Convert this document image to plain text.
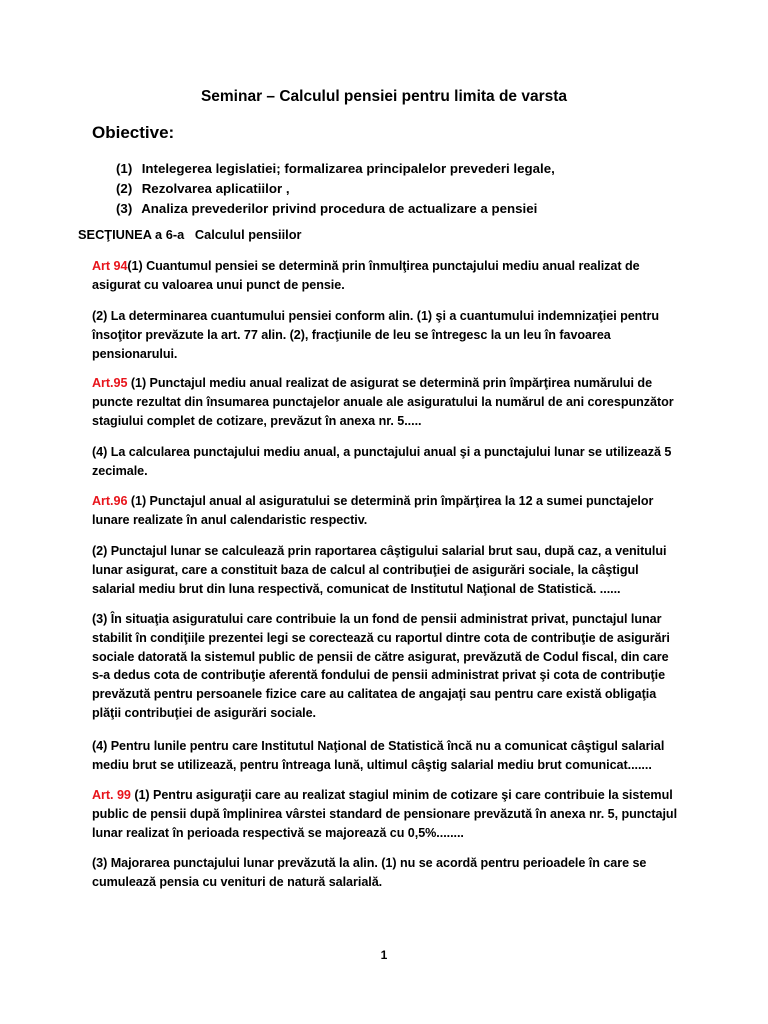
Seminar – Calculul pensiei pentru limita de varsta
Obiective:
(1) Intelegerea legislatiei; formalizarea principalelor prevederi legale,
(2) Rezolvarea aplicatiilor ,
(3) Analiza prevederilor privind procedura de actualizare a pensiei
SECŢIUNEA a 6-a   Calculul pensiilor

Art 94(1) Cuantumul pensiei se determină prin înmulţirea punctajului mediu anual realizat de asigurat cu valoarea unui punct de pensie.

(2) La determinarea cuantumului pensiei conform alin. (1) şi a cuantumului indemnizaţiei pentru însoţitor prevăzute la art. 77 alin. (2), fracţiunile de leu se întregesc la un leu în favoarea pensionarului.

Art.95 (1) Punctajul mediu anual realizat de asigurat se determină prin împărţirea numărului de puncte rezultat din însumarea punctajelor anuale ale asiguratului la numărul de ani corespunzător stagiului complet de cotizare, prevăzut în anexa nr. 5.....

(4) La calcularea punctajului mediu anual, a punctajului anual şi a punctajului lunar se utilizează 5 zecimale.

Art.96 (1) Punctajul anual al asiguratului se determină prin împărţirea la 12 a sumei punctajelor lunare realizate în anul calendaristic respectiv.

(2) Punctajul lunar se calculează prin raportarea câştigului salarial brut sau, după caz, a venitului lunar asigurat, care a constituit baza de calcul al contribuţiei de asigurări sociale, la câştigul salarial mediu brut din luna respectivă, comunicat de Institutul Naţional de Statistică. ......

(3) În situaţia asiguratului care contribuie la un fond de pensii administrat privat, punctajul lunar stabilit în condiţiile prezentei legi se corectează cu raportul dintre cota de contribuţie de asigurări sociale datorată la sistemul public de pensii de către asigurat, prevăzută de Codul fiscal, din care s-a dedus cota de contribuţie aferentă fondului de pensii administrat privat şi cota de contribuţie prevăzută pentru persoanele fizice care au calitatea de angajaţi sau pentru care există obligaţia plăţii contribuţiei de asigurări sociale.

(4) Pentru lunile pentru care Institutul Naţional de Statistică încă nu a comunicat câştigul salarial mediu brut se utilizează, pentru întreaga lună, ultimul câştig salarial mediu brut comunicat.......

Art. 99 (1) Pentru asiguraţii care au realizat stagiul minim de cotizare şi care contribuie la sistemul public de pensii după împlinirea vârstei standard de pensionare prevăzută în anexa nr. 5, punctajul lunar realizat în perioada respectivă se majorează cu 0,5%........

(3) Majorarea punctajului lunar prevăzută la alin. (1) nu se acordă pentru perioadele în care se cumulează pensia cu venituri de natură salarială.

1
